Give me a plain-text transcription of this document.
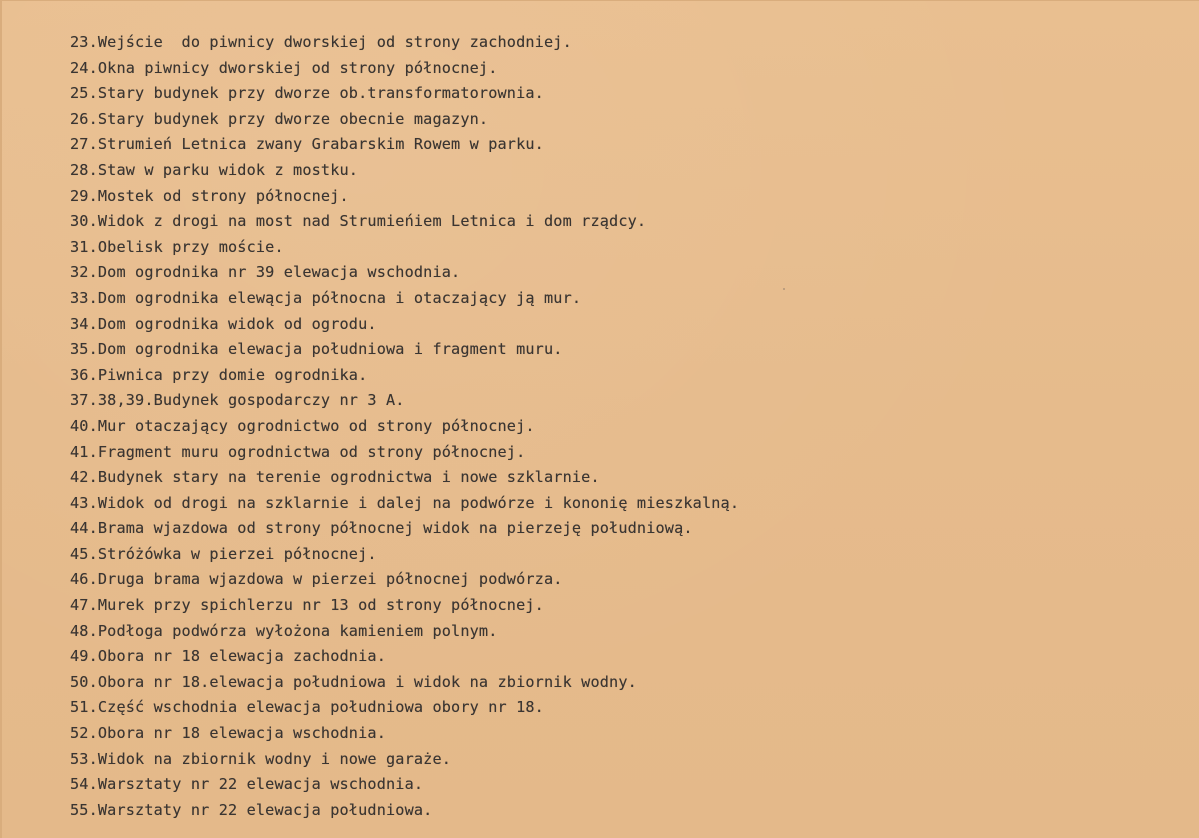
23.Wejście  do piwnicy dworskiej od strony zachodniej.
24.Okna piwnicy dworskiej od strony północnej.
25.Stary budynek przy dworze ob.transformatorownia.
26.Stary budynek przy dworze obecnie magazyn.
27.Strumień Letnica zwany Grabarskim Rowem w parku.
28.Staw w parku widok z mostku.
29.Mostek od strony północnej.
30.Widok z drogi na most nad Strumieńiem Letnica i dom rządcy.
31.Obelisk przy moście.
32.Dom ogrodnika nr 39 elewacja wschodnia.
33.Dom ogrodnika elewącja północna i otaczający ją mur.
34.Dom ogrodnika widok od ogrodu.
35.Dom ogrodnika elewacja południowa i fragment muru.
36.Piwnica przy domie ogrodnika.
37.38,39.Budynek gospodarczy nr 3 A.
40.Mur otaczający ogrodnictwo od strony północnej.
41.Fragment muru ogrodnictwa od strony północnej.
42.Budynek stary na terenie ogrodnictwa i nowe szklarnie.
43.Widok od drogi na szklarnie i dalej na podwórze i kononię mieszkalną.
44.Brama wjazdowa od strony północnej widok na pierzeję południową.
45.Stróżówka w pierzei północnej.
46.Druga brama wjazdowa w pierzei północnej podwórza.
47.Murek przy spichlerzu nr 13 od strony północnej.
48.Podłoga podwórza wyłożona kamieniem polnym.
49.Obora nr 18 elewacja zachodnia.
50.Obora nr 18.elewacja południowa i widok na zbiornik wodny.
51.Część wschodnia elewacja południowa obory nr 18.
52.Obora nr 18 elewacja wschodnia.
53.Widok na zbiornik wodny i nowe garaże.
54.Warsztaty nr 22 elewacja wschodnia.
55.Warsztaty nr 22 elewacja południowa.
